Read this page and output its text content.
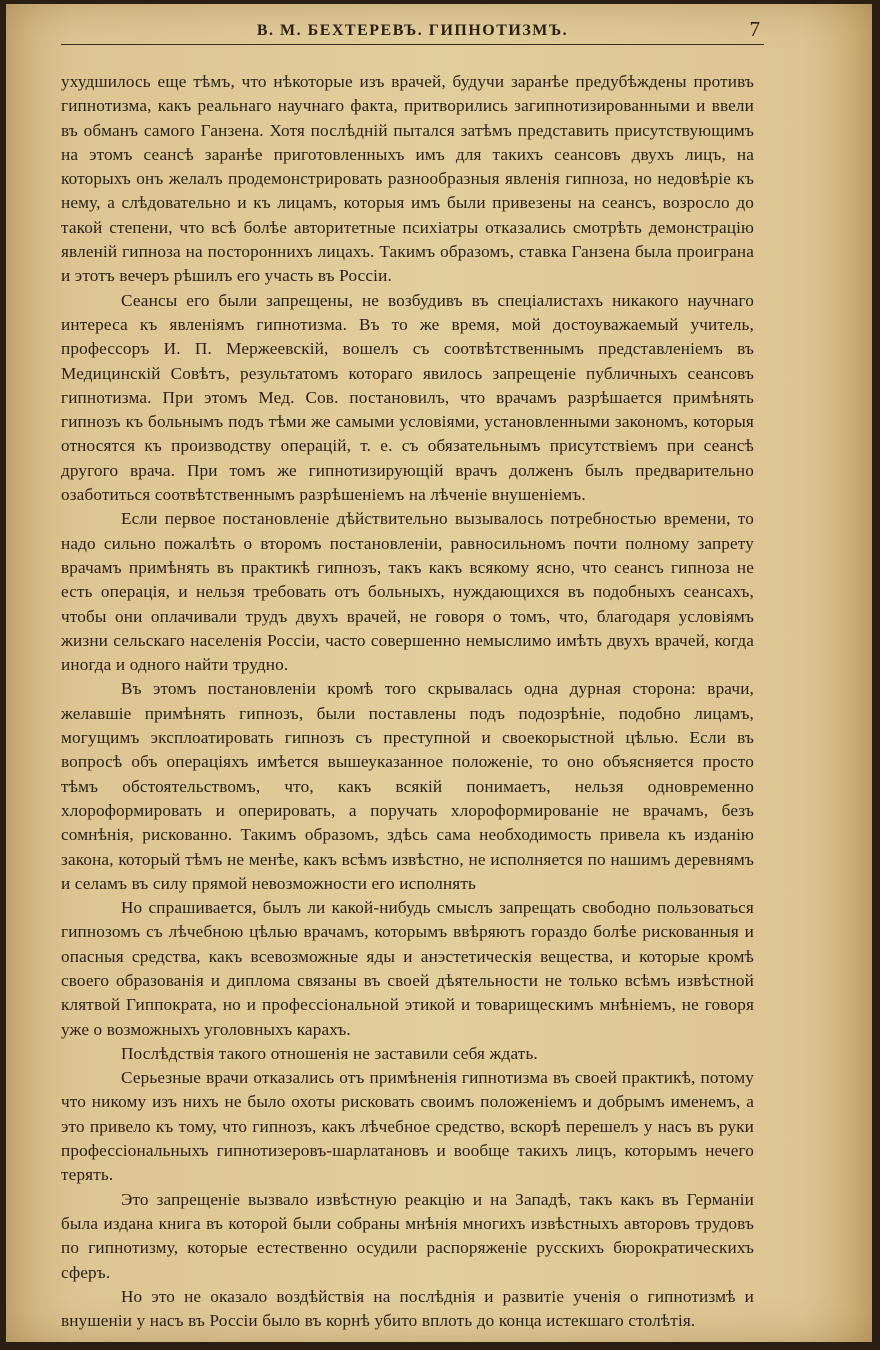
В. М. БЕХТЕРЕВЪ. ГИПНОТИЗМЪ.	7

ухудшилось еще тѣмъ, что нѣкоторые изъ врачей, будучи заранѣе предубѣждены противъ гипнотизма, какъ реальнаго научнаго факта, притворились загипнотизированными и ввели въ обманъ самого Ганзена. Хотя послѣдній пытался затѣмъ представить присутствующимъ на этомъ сеансѣ заранѣе приготовленныхъ имъ для такихъ сеансовъ двухъ лицъ, на которыхъ онъ желалъ продемонстрировать разнообразныя явленія гипноза, но недовѣріе къ нему, а слѣдовательно и къ лицамъ, которыя имъ были привезены на сеансъ, возросло до такой степени, что всѣ болѣе авторитетные психіатры отказались смотрѣть демонстрацію явленій гипноза на постороннихъ лицахъ. Такимъ образомъ, ставка Ганзена была проиграна и этотъ вечеръ рѣшилъ его участь въ Россіи.

Сеансы его были запрещены, не возбудивъ въ спеціалистахъ никакого научнаго интереса къ явленіямъ гипнотизма. Въ то же время, мой достоуважаемый учитель, профессоръ И. П. Мержеевскій, вошелъ съ соотвѣтственнымъ представленіемъ въ Медицинскій Совѣтъ, результатомъ котораго явилось запрещеніе публичныхъ сеансовъ гипнотизма. При этомъ Мед. Сов. постановилъ, что врачамъ разрѣшается примѣнять гипнозъ къ больнымъ подъ тѣми же самыми условіями, установленными закономъ, которыя относятся къ производству операцій, т. е. съ обязательнымъ присутствіемъ при сеансѣ другого врача. При томъ же гипнотизирующій врачъ долженъ былъ предварительно озаботиться соотвѣтственнымъ разрѣшеніемъ на лѣченіе внушеніемъ.

Если первое постановленіе дѣйствительно вызывалось потребностью времени, то надо сильно пожалѣть о второмъ постановленіи, равносильномъ почти полному запрету врачамъ примѣнять въ практикѣ гипнозъ, такъ какъ всякому ясно, что сеансъ гипноза не есть операція, и нельзя требовать отъ больныхъ, нуждающихся въ подобныхъ сеансахъ, чтобы они оплачивали трудъ двухъ врачей, не говоря о томъ, что, благодаря условіямъ жизни сельскаго населенія Россіи, часто совершенно немыслимо имѣть двухъ врачей, когда иногда и одного найти трудно.

Въ этомъ постановленіи кромѣ того скрывалась одна дурная сторона: врачи, желавшіе примѣнять гипнозъ, были поставлены подъ подозрѣніе, подобно лицамъ, могущимъ эксплоатировать гипнозъ съ преступной и своекорыстной цѣлью. Если въ вопросѣ объ операціяхъ имѣется вышеуказанное положеніе, то оно объясняется просто тѣмъ обстоятельствомъ, что, какъ всякій понимаетъ, нельзя одновременно хлороформировать и оперировать, а поручать хлороформированіе не врачамъ, безъ сомнѣнія, рискованно. Такимъ образомъ, здѣсь сама необходимость привела къ изданію закона, который тѣмъ не менѣе, какъ всѣмъ извѣстно, не исполняется по нашимъ деревнямъ и селамъ въ силу прямой невозможности его исполнять

Но спрашивается, былъ ли какой-нибудь смыслъ запрещать свободно пользоваться гипнозомъ съ лѣчебною цѣлью врачамъ, которымъ ввѣряютъ гораздо болѣе рискованныя и опасныя средства, какъ всевозможные яды и анэстетическія вещества, и которые кромѣ своего образованія и диплома связаны въ своей дѣятельности не только всѣмъ извѣстной клятвой Гиппократа, но и профессіональной этикой и товарищескимъ мнѣніемъ, не говоря уже о возможныхъ уголовныхъ карахъ.

Послѣдствія такого отношенія не заставили себя ждать.

Серьезные врачи отказались отъ примѣненія гипнотизма въ своей практикѣ, потому что никому изъ нихъ не было охоты рисковать своимъ положеніемъ и добрымъ именемъ, а это привело къ тому, что гипнозъ, какъ лѣчебное средство, вскорѣ перешелъ у насъ въ руки профессіональныхъ гипнотизеровъ-шарлатановъ и вообще такихъ лицъ, которымъ нечего терять.

Это запрещеніе вызвало извѣстную реакцію и на Западѣ, такъ какъ въ Германіи была издана книга въ которой были собраны мнѣнія многихъ извѣстныхъ авторовъ трудовъ по гипнотизму, которые естественно осудили распоряженіе русскихъ бюрократическихъ сферъ.

Но это не оказало воздѣйствія на послѣднія и развитіе ученія о гипнотизмѣ и внушеніи у насъ въ Россіи было въ корнѣ убито вплоть до конца истекшаго столѣтія.
